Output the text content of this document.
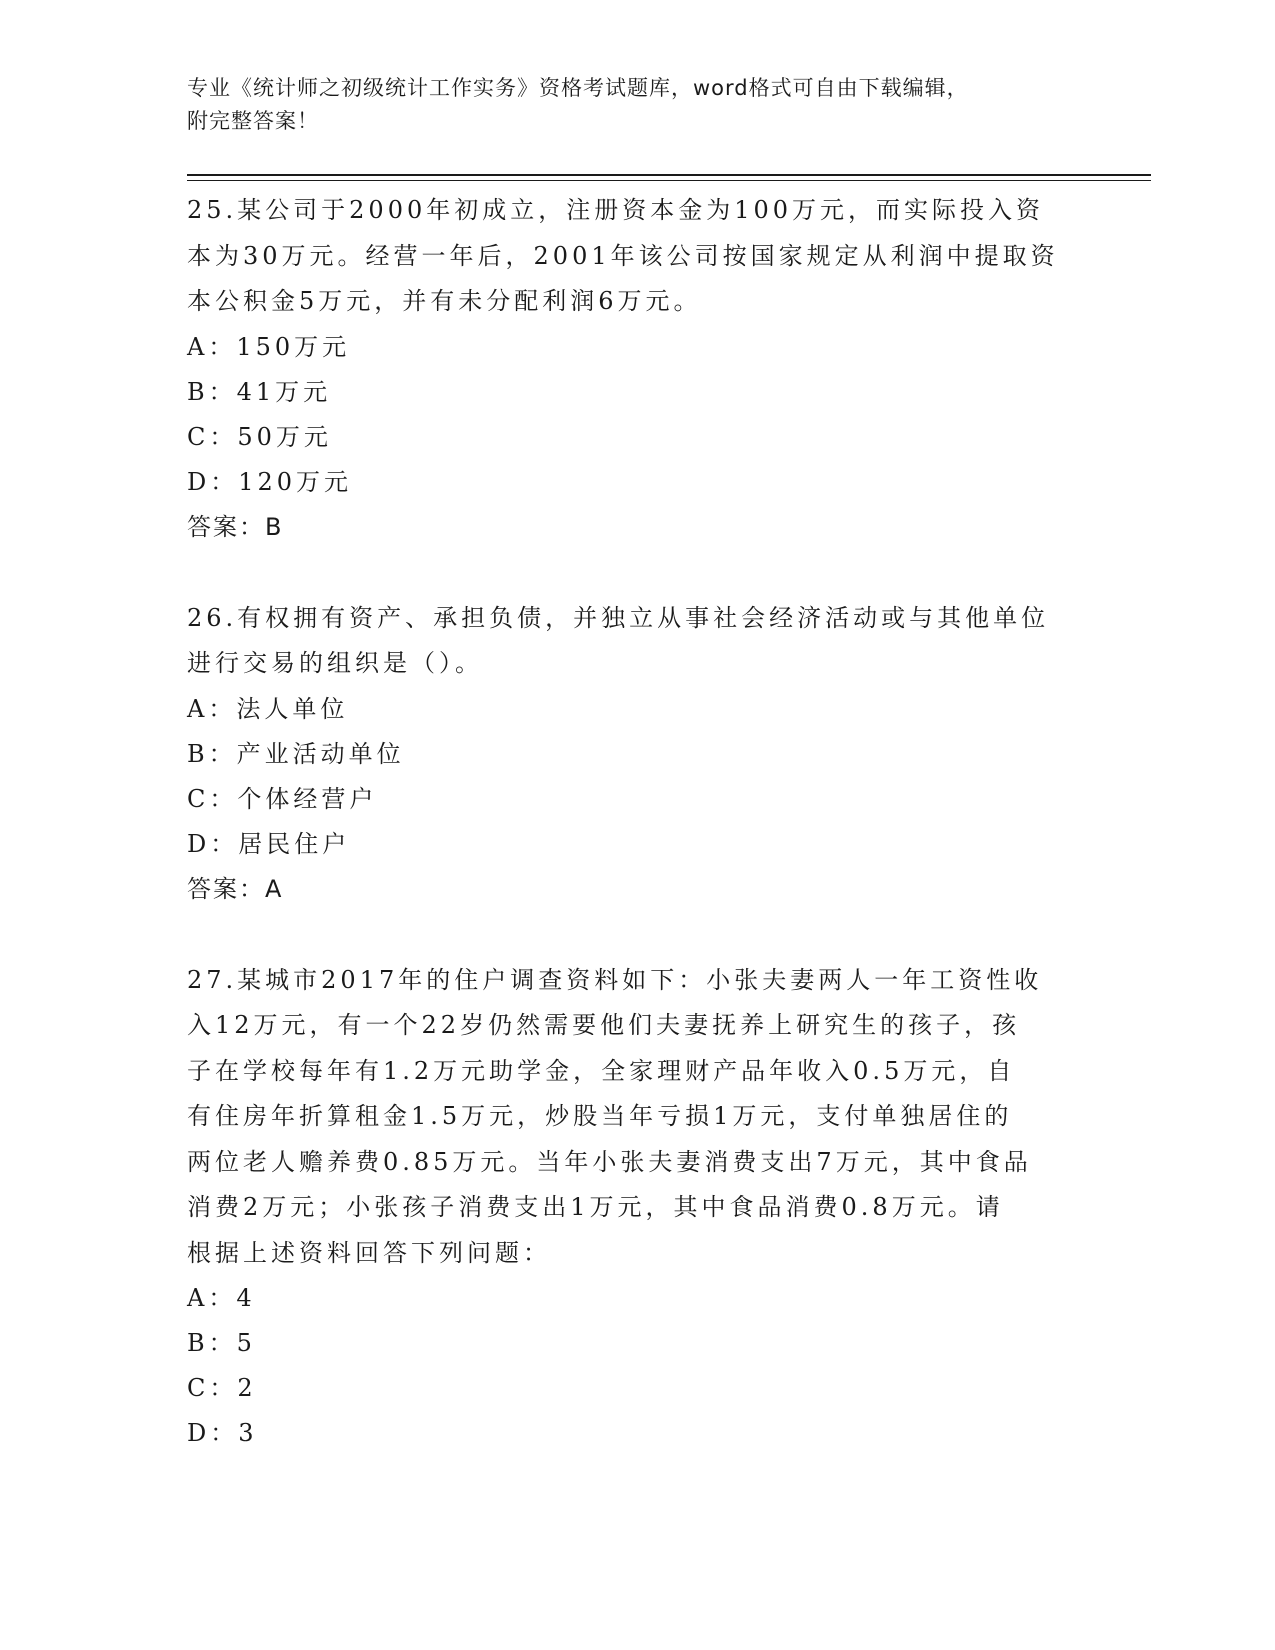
专业《统计师之初级统计工作实务》资格考试题库，word格式可自由下载编辑，
附完整答案！

25.某公司于2000年初成立，注册资本金为100万元，而实际投入资

本为30万元。经营一年后，2001年该公司按国家规定从利润中提取资

本公积金5万元，并有未分配利润6万元。

A： 150万元
B： 41万元
C： 50万元
D： 120万元

答案：B

26.有权拥有资产、承担负债，并独立从事社会经济活动或与其他单位

进行交易的组织是（）。

A： 法人单位
B： 产业活动单位
C： 个体经营户
D： 居民住户

答案：A

27.某城市2017年的住户调查资料如下：小张夫妻两人一年工资性收

入12万元，有一个22岁仍然需要他们夫妻抚养上研究生的孩子，孩

子在学校每年有1.2万元助学金，全家理财产品年收入0.5万元，自

有住房年折算租金1.5万元，炒股当年亏损1万元，支付单独居住的

两位老人赡养费0.85万元。当年小张夫妻消费支出7万元，其中食品

消费2万元；小张孩子消费支出1万元，其中食品消费0.8万元。请

根据上述资料回答下列问题：

A： 4
B： 5
C： 2
D： 3
